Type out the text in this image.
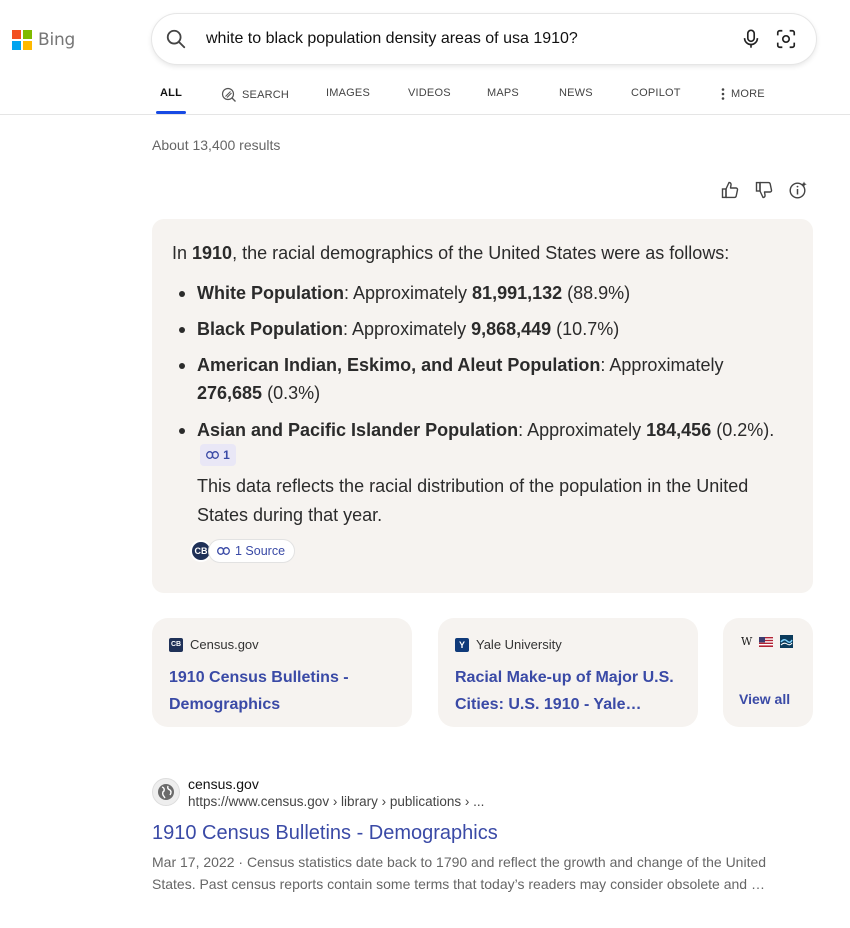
Bing
white to black population density areas of usa 1910?
ALL	SEARCH	IMAGES	VIDEOS	MAPS	NEWS	COPILOT	MORE
About 13,400 results
In 1910, the racial demographics of the United States were as follows:
White Population: Approximately 81,991,132 (88.9%)
Black Population: Approximately 9,868,449 (10.7%)
American Indian, Eskimo, and Aleut Population: Approximately 276,685 (0.3%)
Asian and Pacific Islander Population: Approximately 184,456 (0.2%).
1
This data reflects the racial distribution of the population in the United States during that year.
CB	1 Source
CB Census.gov
1910 Census Bulletins - Demographics
Y Yale University
Racial Make-up of Major U.S. Cities: U.S. 1910 - Yale…
W
View all
census.gov
https://www.census.gov › library › publications › ...
1910 Census Bulletins - Demographics
Mar 17, 2022 · Census statistics date back to 1790 and reflect the growth and change of the United States. Past census reports contain some terms that today’s readers may consider obsolete and …
